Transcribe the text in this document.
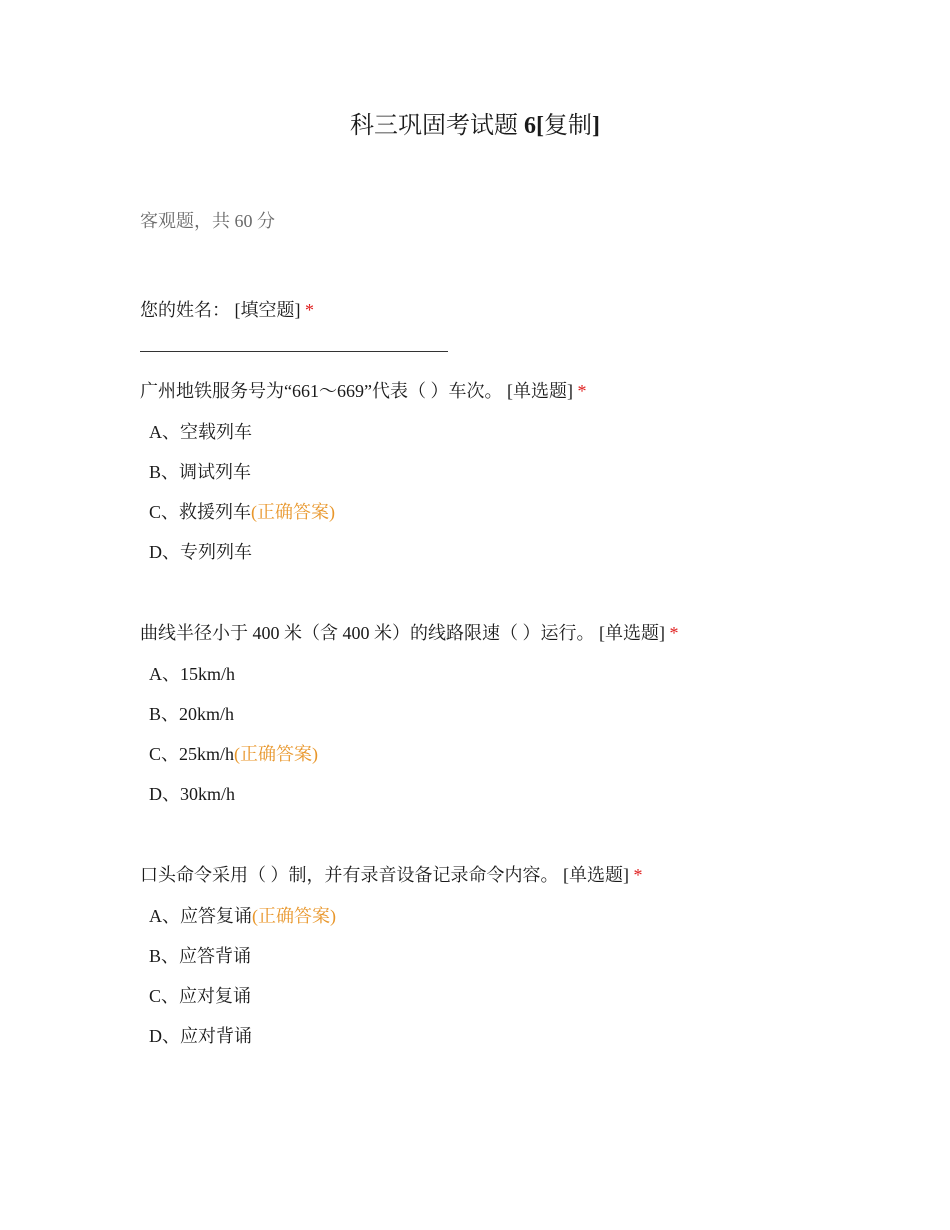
科三巩固考试题 6[复制]
客观题，共 60 分
您的姓名： [填空题] *
广州地铁服务号为“661～669”代表（ ）车次。 [单选题] *
A、空载列车
B、调试列车
C、救援列车(正确答案)
D、专列列车
曲线半径小于 400 米（含 400 米）的线路限速（ ）运行。 [单选题] *
A、15km/h
B、20km/h
C、25km/h(正确答案)
D、30km/h
口头命令采用（ ）制，并有录音设备记录命令内容。 [单选题] *
A、应答复诵(正确答案)
B、应答背诵
C、应对复诵
D、应对背诵
